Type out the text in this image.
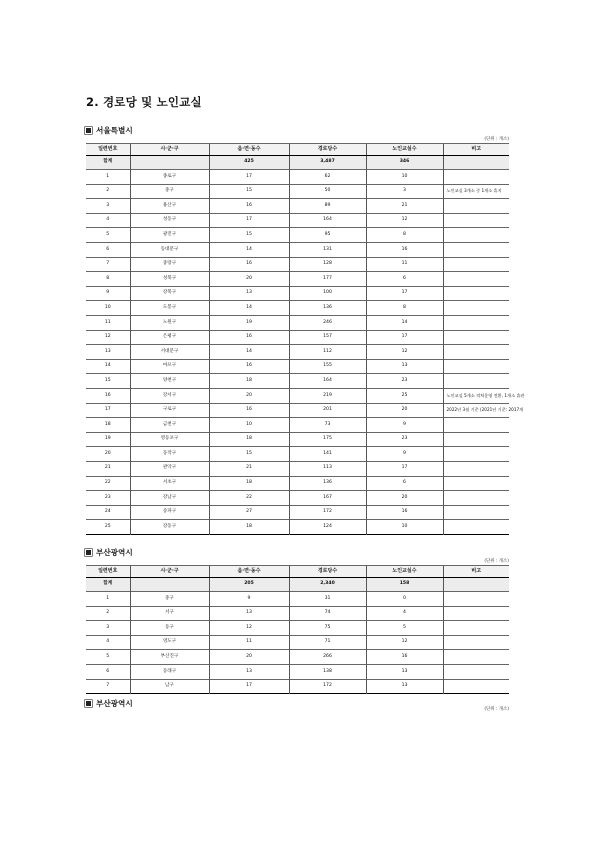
2. 경로당 및 노인교실
서울특별시
(단위 : 개소)
일련번호	시·군·구	읍·면·동수	경로당수	노인교실수	비고
합계		425	3,487	346	
1	종로구	17	62	10	
2	중구	15	50	3	노인교실 3개소 중 1개소 휴지
3	용산구	16	89	21	
4	성동구	17	164	12	
5	광진구	15	95	8	
6	동대문구	14	131	16	
7	중랑구	16	128	11	
8	성북구	20	177	6	
9	강북구	13	100	17	
10	도봉구	14	136	8	
11	노원구	19	246	14	
12	은평구	16	157	17	
13	서대문구	14	112	12	
14	마포구	16	155	13	
15	양천구	18	164	23	
16	강서구	20	219	25	노인교실 5개소 격쳐운영 전환, 1개소 휴관
17	구로구	16	201	20	2022년 3월 기준 (2021년 기준: 2017개
18	금천구	10	73	9	
19	영등포구	18	175	23	
20	동작구	15	141	9	
21	관악구	21	113	17	
22	서초구	18	136	6	
23	강남구	22	167	20	
24	송파구	27	172	16	
25	강동구	18	124	10	
부산광역시
(단위 : 개소)
일련번호	시·군·구	읍·면·동수	경로당수	노인교실수	비고
합계		205	2,340	158	
1	중구	9	31	0	
2	서구	13	74	4	
3	동구	12	75	5	
4	영도구	11	71	12	
5	부산진구	20	266	16	
6	동래구	13	138	13	
7	남구	17	172	13	
부산광역시
(단위 : 개소)
